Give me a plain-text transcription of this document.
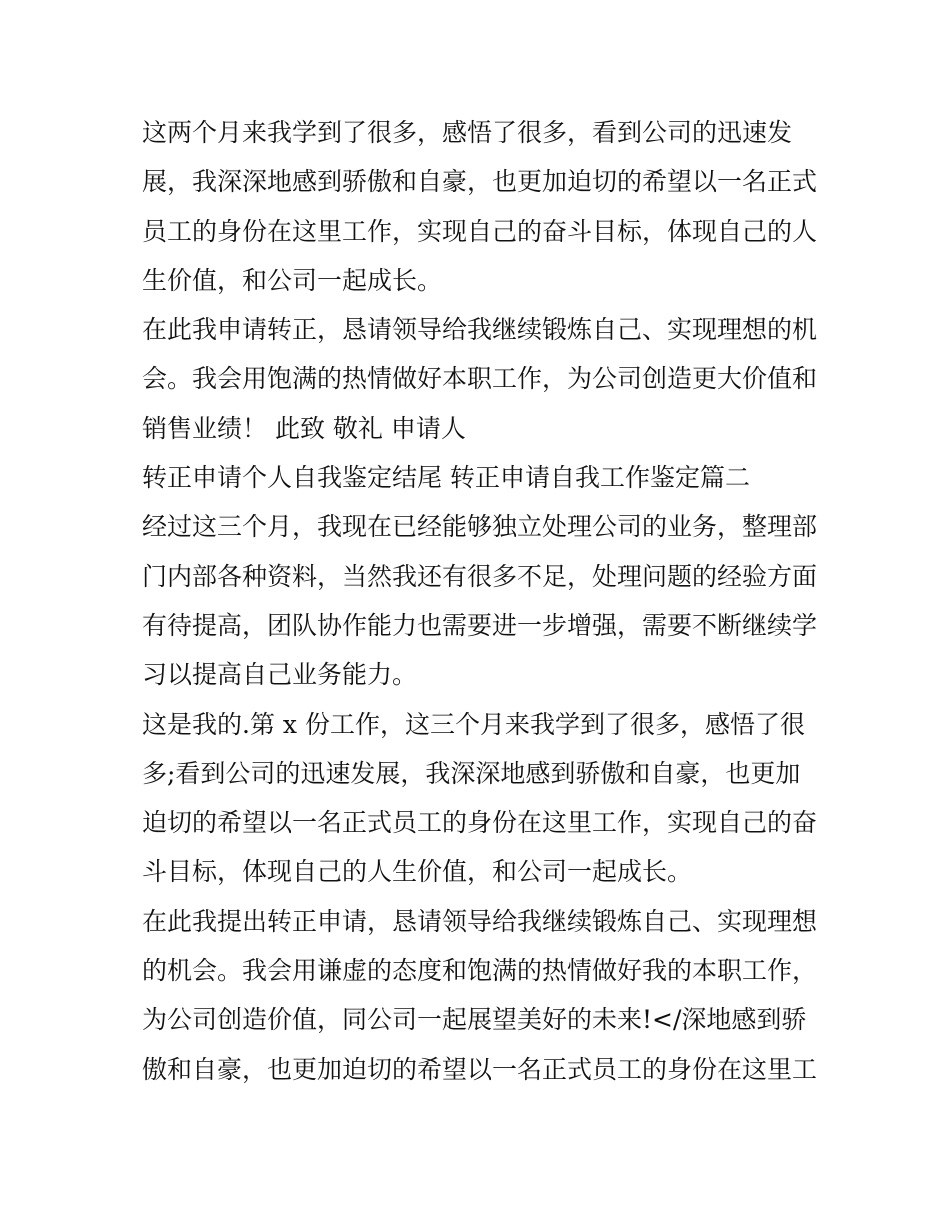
这两个月来我学到了很多，感悟了很多，看到公司的迅速发
展，我深深地感到骄傲和自豪，也更加迫切的希望以一名正式
员工的身份在这里工作，实现自己的奋斗目标，体现自己的人
生价值，和公司一起成长。
在此我申请转正，恳请领导给我继续锻炼自己、实现理想的机
会。我会用饱满的热情做好本职工作，为公司创造更大价值和
销售业绩！ 此致 敬礼 申请人
转正申请个人自我鉴定结尾 转正申请自我工作鉴定篇二
经过这三个月，我现在已经能够独立处理公司的业务，整理部
门内部各种资料，当然我还有很多不足，处理问题的经验方面
有待提高，团队协作能力也需要进一步增强，需要不断继续学
习以提高自己业务能力。
这是我的.第 x 份工作，这三个月来我学到了很多，感悟了很
多;看到公司的迅速发展，我深深地感到骄傲和自豪，也更加
迫切的希望以一名正式员工的身份在这里工作，实现自己的奋
斗目标，体现自己的人生价值，和公司一起成长。
在此我提出转正申请，恳请领导给我继续锻炼自己、实现理想
的机会。我会用谦虚的态度和饱满的热情做好我的本职工作，
为公司创造价值，同公司一起展望美好的未来!</深地感到骄
傲和自豪，也更加迫切的希望以一名正式员工的身份在这里工
